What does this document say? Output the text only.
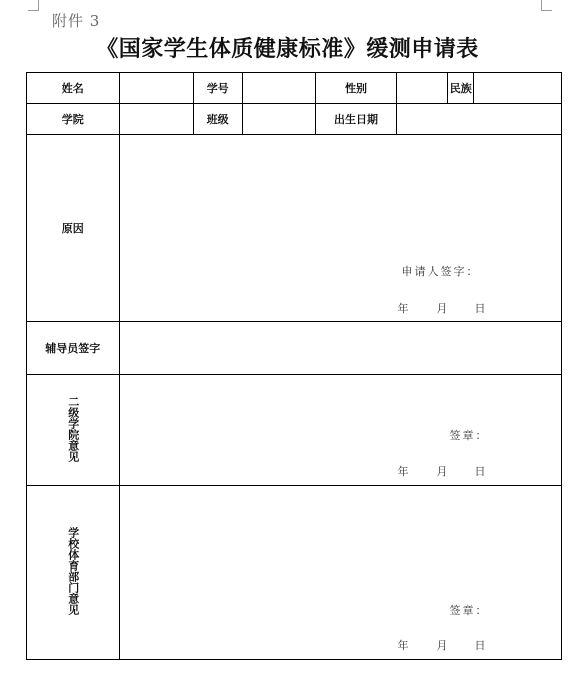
附件 3
《国家学生体质健康标准》缓测申请表
姓名		学号		性别		民族	
学院		班级		出生日期			
原因	申请人签字：
年 月 日						

辅导员签字							
二级学院意见	签章：
年 月 日						

学校体育部门意见	签章：
年 月 日						
